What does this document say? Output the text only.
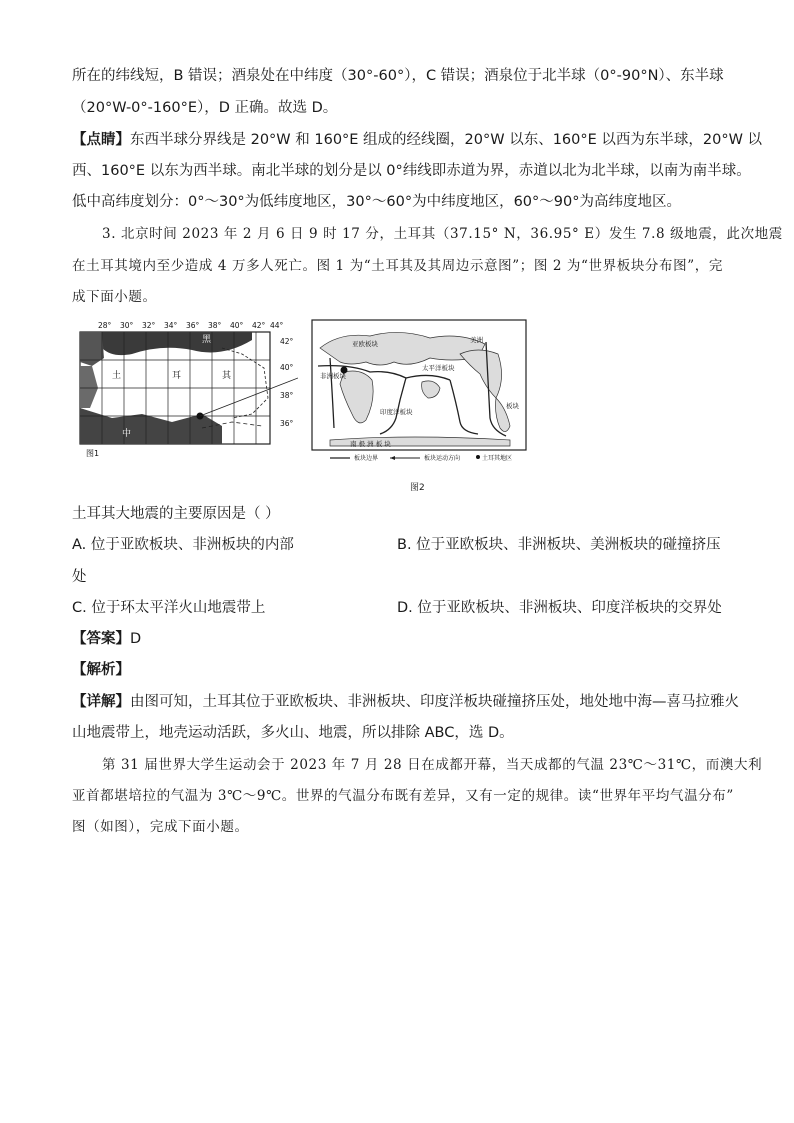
所在的纬线短，B 错误；酒泉处在中纬度（30°-60°），C 错误；酒泉位于北半球（0°-90°N）、东半球
（20°W-0°-160°E），D 正确。故选 D。
【点睛】东西半球分界线是 20°W 和 160°E 组成的经线圈，20°W 以东、160°E 以西为东半球，20°W 以
西、160°E 以东为西半球。南北半球的划分是以 0°纬线即赤道为界，赤道以北为北半球，以南为南半球。
低中高纬度划分：0°～30°为低纬度地区，30°～60°为中纬度地区，60°～90°为高纬度地区。
3. 北京时间 2023 年 2 月 6 日 9 时 17 分，土耳其（37.15° N，36.95° E）发生 7.8 级地震，此次地震
在土耳其境内至少造成 4 万多人死亡。图 1 为“土耳其及其周边示意图”；图 2 为“世界板块分布图”，完
成下面小题。
28° 30° 32° 34° 36° 38° 40° 42° 44°
42°
40°
38°
36°
黑
土	耳	其
中
图1
亚欧板块
非洲板块
印度洋板块
太平洋板块
美洲
板块
南 极 洲 板 块
板块边界	板块运动方向	土耳其地区
图2
土耳其大地震的主要原因是（ ）
A. 位于亚欧板块、非洲板块的内部	B. 位于亚欧板块、非洲板块、美洲板块的碰撞挤压
处
C. 位于环太平洋火山地震带上	D. 位于亚欧板块、非洲板块、印度洋板块的交界处
【答案】D
【解析】
【详解】由图可知，土耳其位于亚欧板块、非洲板块、印度洋板块碰撞挤压处，地处地中海—喜马拉雅火
山地震带上，地壳运动活跃，多火山、地震，所以排除 ABC，选 D。
第 31 届世界大学生运动会于 2023 年 7 月 28 日在成都开幕，当天成都的气温 23℃～31℃，而澳大利
亚首都堪培拉的气温为 3℃～9℃。世界的气温分布既有差异，又有一定的规律。读“世界年平均气温分布”
图（如图），完成下面小题。
